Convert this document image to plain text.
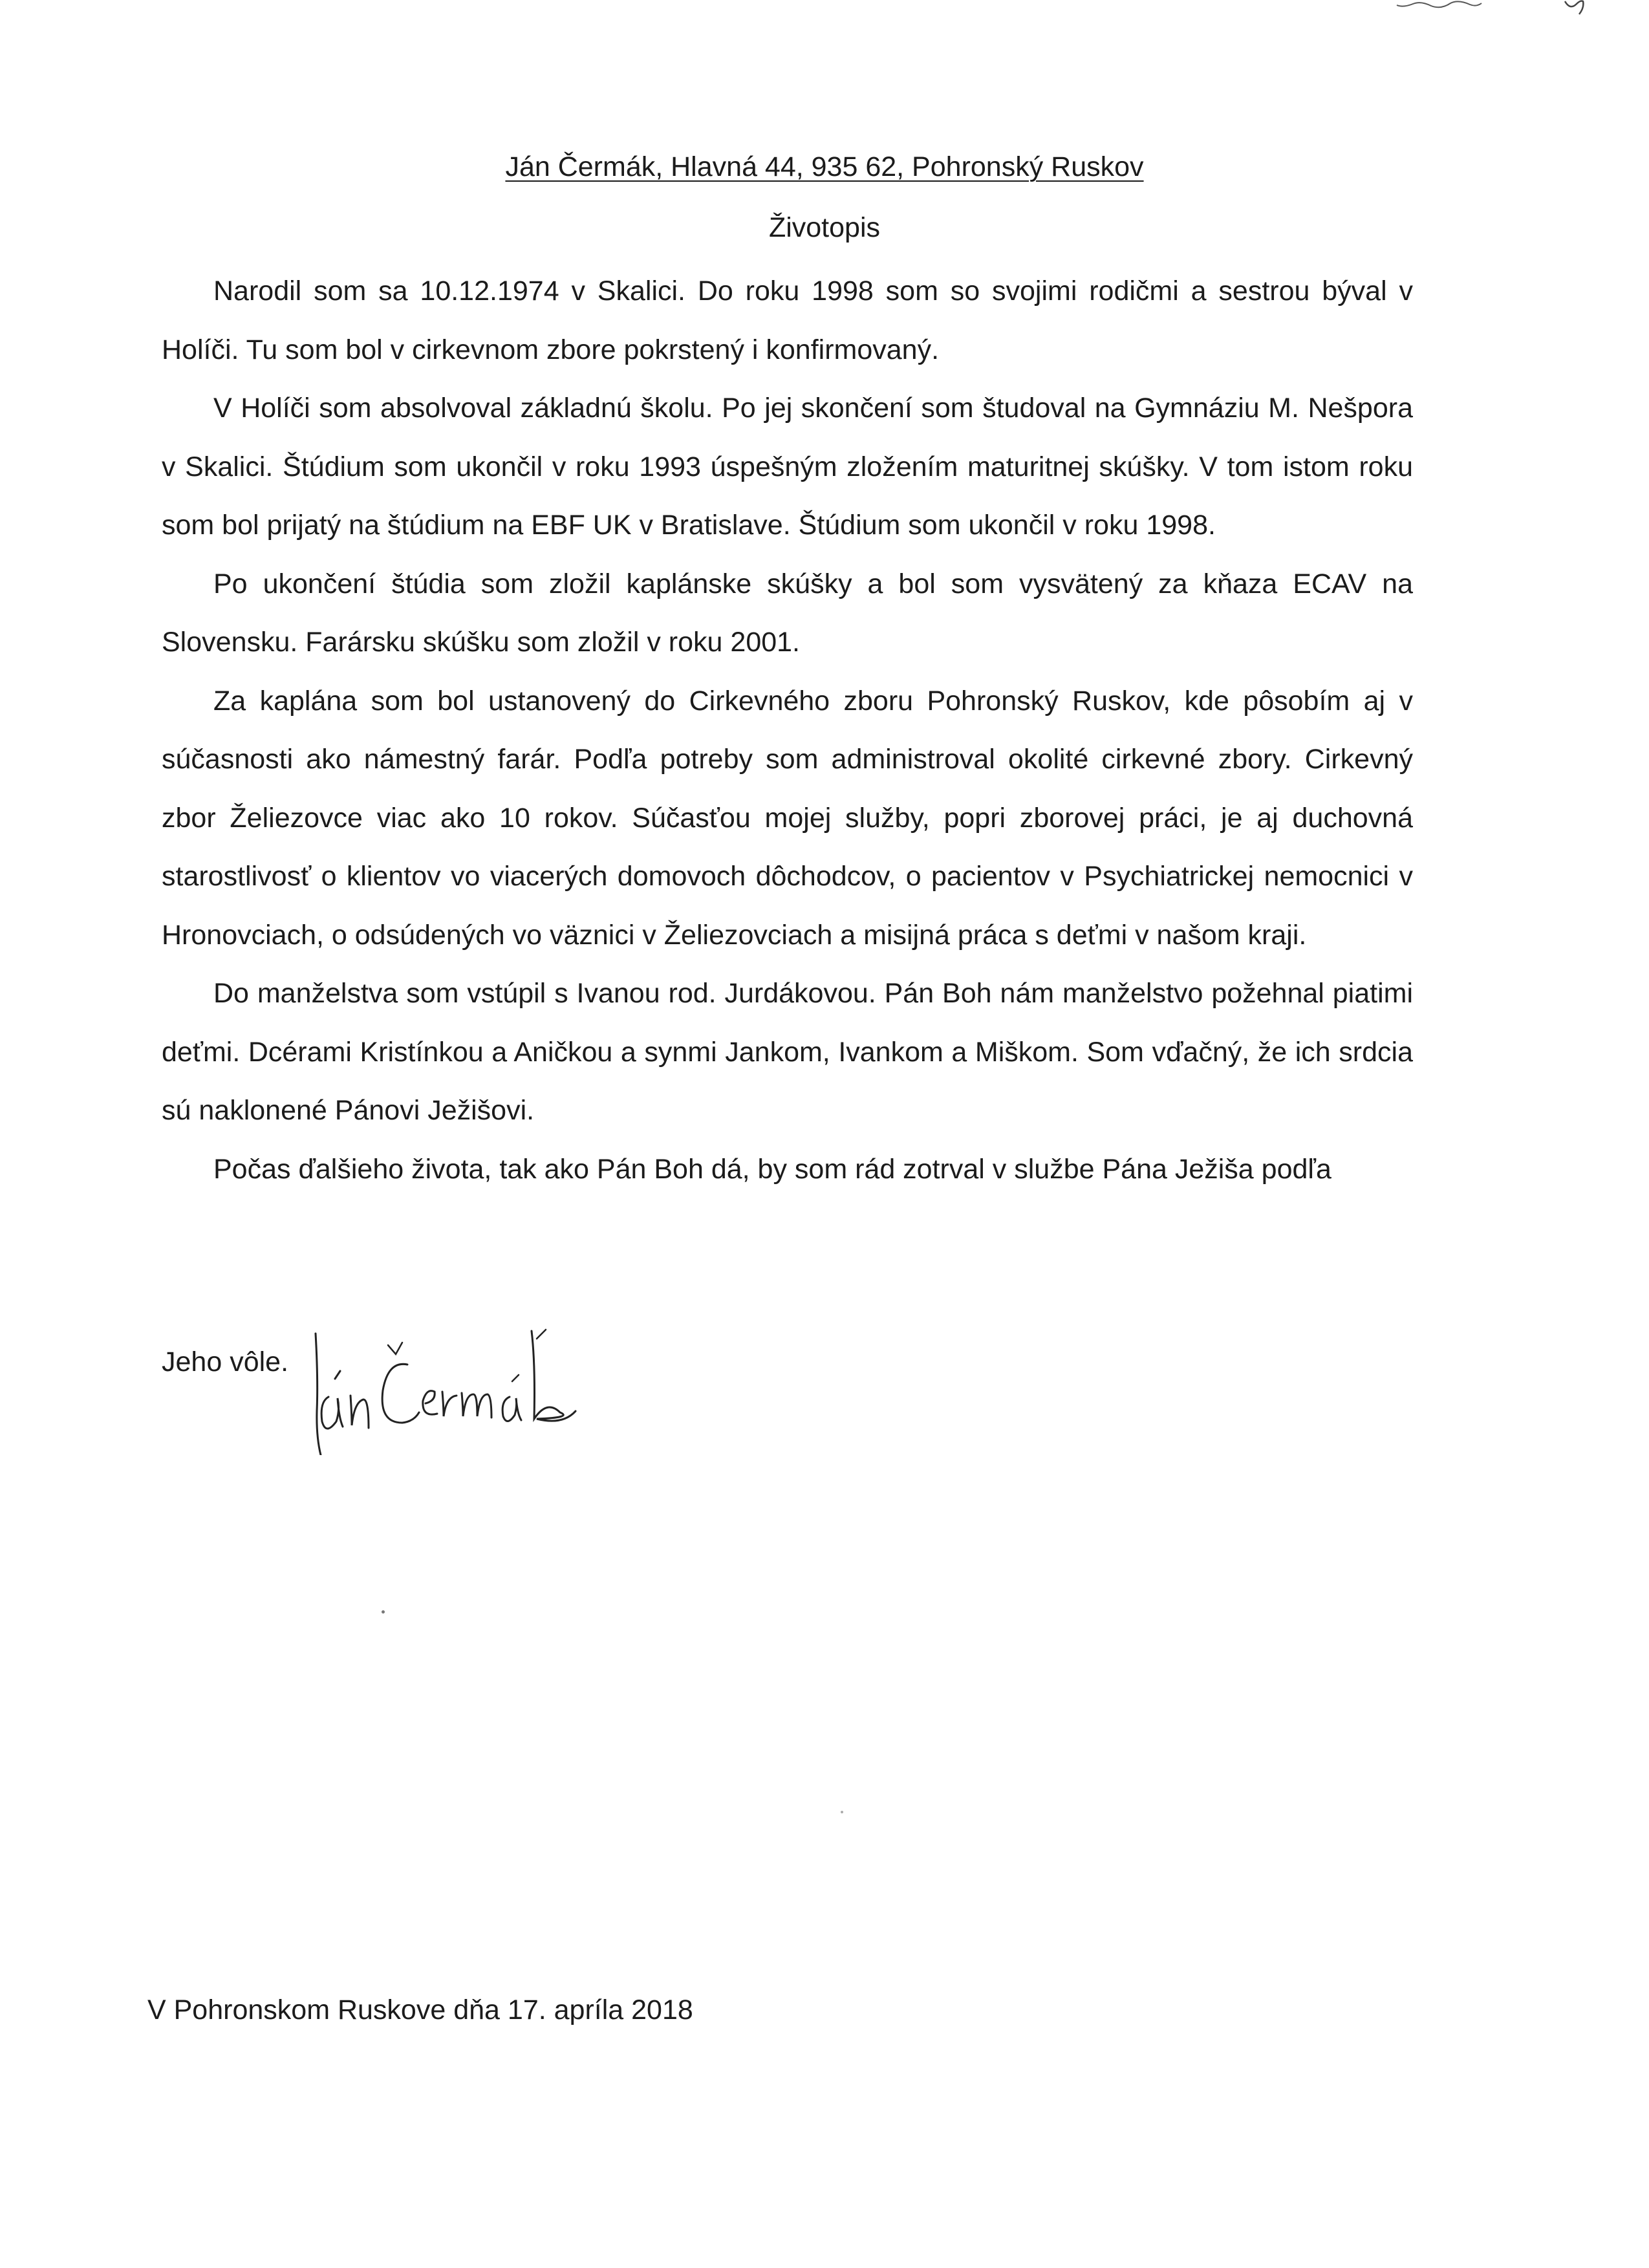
Ján Čermák, Hlavná 44, 935 62, Pohronský Ruskov
Životopis

Narodil som sa 10.12.1974 v Skalici. Do roku 1998 som so svojimi rodičmi a sestrou býval v Holíči. Tu som bol v cirkevnom zbore pokrstený i konfirmovaný.

V Holíči som absolvoval základnú školu. Po jej skončení som študoval na Gymnáziu M. Nešpora v Skalici. Štúdium som ukončil v roku 1993 úspešným zložením maturitnej skúšky. V tom istom roku som bol prijatý na štúdium na EBF UK v Bratislave. Štúdium som ukončil v roku 1998.

Po ukončení štúdia som zložil kaplánske skúšky a bol som vysvätený za kňaza ECAV na Slovensku. Farársku skúšku som zložil v roku 2001.

Za kaplána som bol ustanovený do Cirkevného zboru Pohronský Ruskov, kde pôsobím aj v súčasnosti ako námestný farár. Podľa potreby som administroval okolité cirkevné zbory. Cirkevný zbor Želiezovce viac ako 10 rokov. Súčasťou mojej služby, popri zborovej práci, je aj duchovná starostlivosť o klientov vo viacerých domovoch dôchodcov, o pacientov v Psychiatrickej nemocnici v Hronovciach, o odsúdených vo väznici v Želiezovciach a misijná práca s deťmi v našom kraji.

Do manželstva som vstúpil s Ivanou rod. Jurdákovou. Pán Boh nám manželstvo požehnal piatimi deťmi. Dcérami Kristínkou a Aničkou a synmi Jankom, Ivankom a Miškom. Som vďačný, že ich srdcia sú naklonené Pánovi Ježišovi.

Počas ďalšieho života, tak ako Pán Boh dá, by som rád zotrval v službe Pána Ježiša podľa

Jeho vôle.
V Pohronskom Ruskove dňa 17. apríla 2018
